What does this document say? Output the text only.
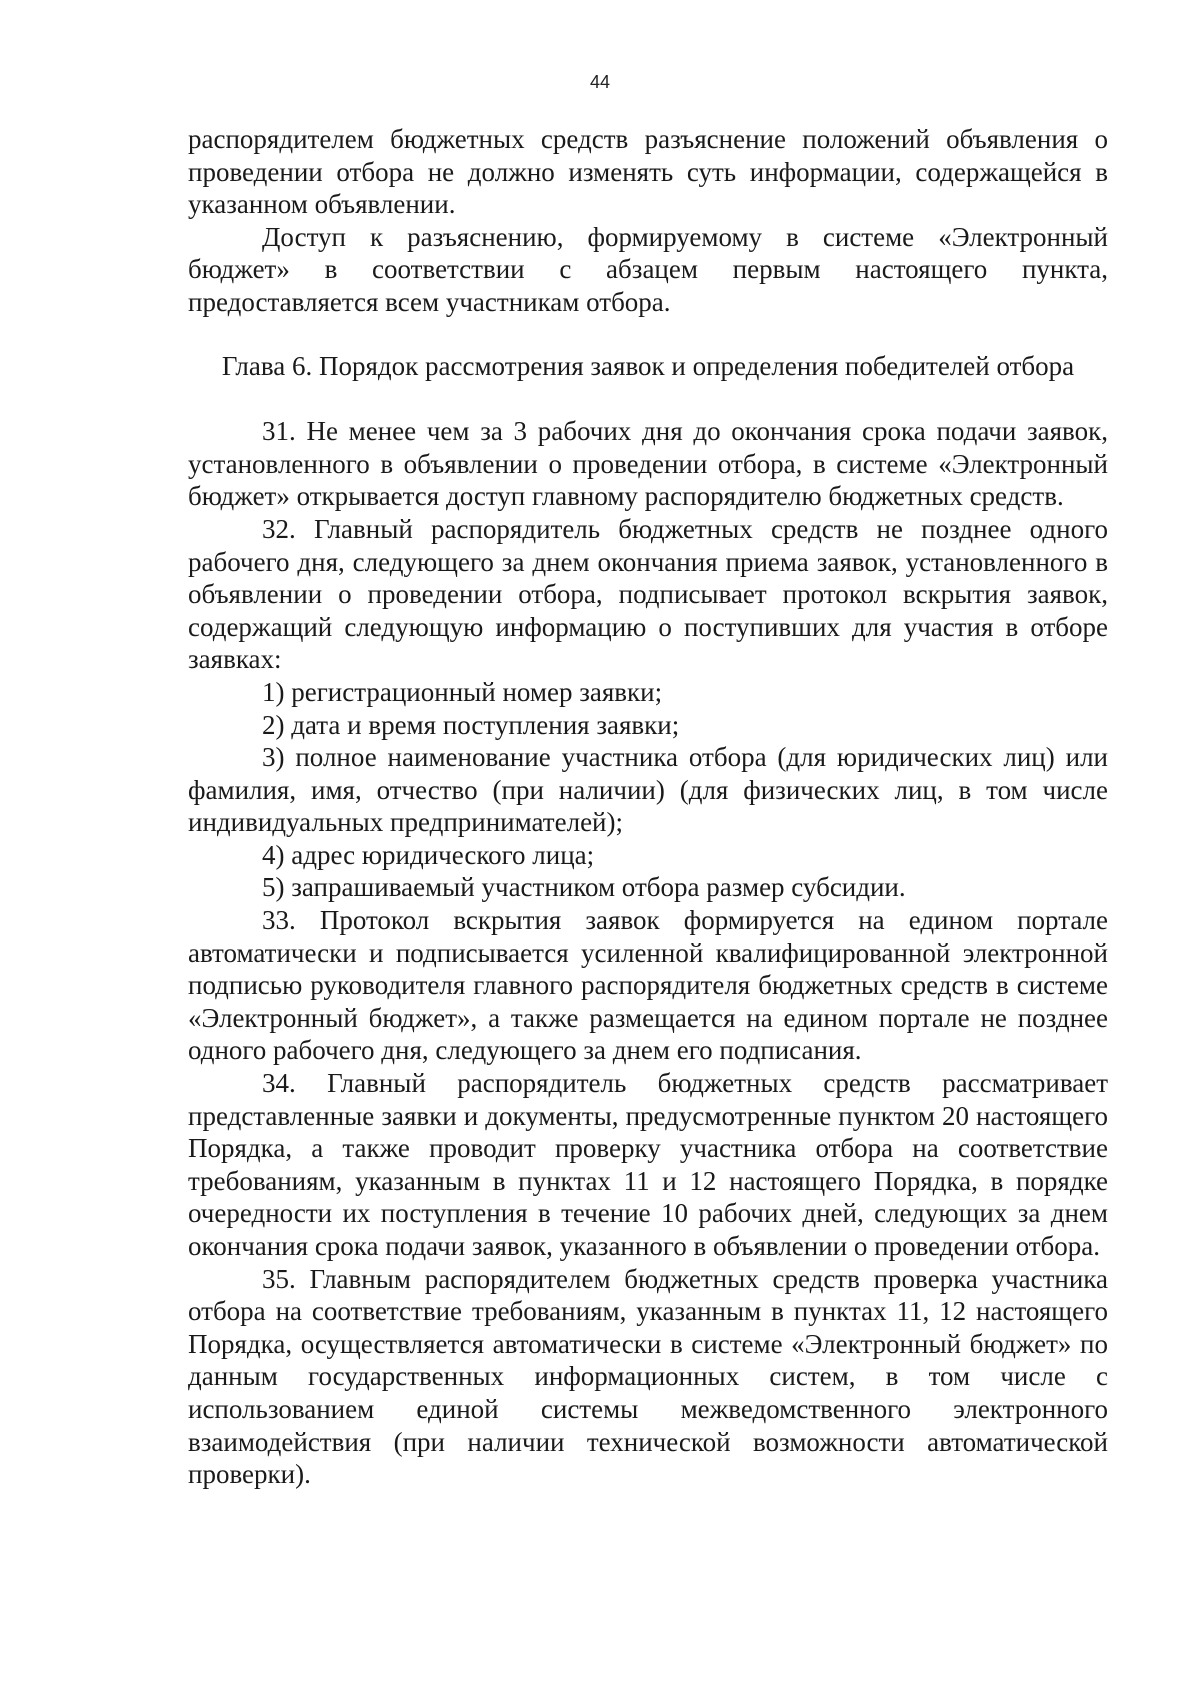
44

распорядителем бюджетных средств разъяснение положений объявления о проведении отбора не должно изменять суть информации, содержащейся в указанном объявлении.

Доступ к разъяснению, формируемому в системе «Электронный бюджет» в соответствии с абзацем первым настоящего пункта, предоставляется всем участникам отбора.

Глава 6. Порядок рассмотрения заявок и определения победителей отбора

31. Не менее чем за 3 рабочих дня до окончания срока подачи заявок, установленного в объявлении о проведении отбора, в системе «Электронный бюджет» открывается доступ главному распорядителю бюджетных средств.

32. Главный распорядитель бюджетных средств не позднее одного рабочего дня, следующего за днем окончания приема заявок, установленного в объявлении о проведении отбора, подписывает протокол вскрытия заявок, содержащий следующую информацию о поступивших для участия в отборе заявках:

1) регистрационный номер заявки;

2) дата и время поступления заявки;

3) полное наименование участника отбора (для юридических лиц) или фамилия, имя, отчество (при наличии) (для физических лиц, в том числе индивидуальных предпринимателей);

4) адрес юридического лица;

5) запрашиваемый участником отбора размер субсидии.

33. Протокол вскрытия заявок формируется на едином портале автоматически и подписывается усиленной квалифицированной электронной подписью руководителя главного распорядителя бюджетных средств в системе «Электронный бюджет», а также размещается на едином портале не позднее одного рабочего дня, следующего за днем его подписания.

34. Главный распорядитель бюджетных средств рассматривает представленные заявки и документы, предусмотренные пунктом 20 настоящего Порядка, а также проводит проверку участника отбора на соответствие требованиям, указанным в пунктах 11 и 12 настоящего Порядка, в порядке очередности их поступления в течение 10 рабочих дней, следующих за днем окончания срока подачи заявок, указанного в объявлении о проведении отбора.

35. Главным распорядителем бюджетных средств проверка участника отбора на соответствие требованиям, указанным в пунктах 11, 12 настоящего Порядка, осуществляется автоматически в системе «Электронный бюджет» по данным государственных информационных систем, в том числе с использованием единой системы межведомственного электронного взаимодействия (при наличии технической возможности автоматической проверки).
